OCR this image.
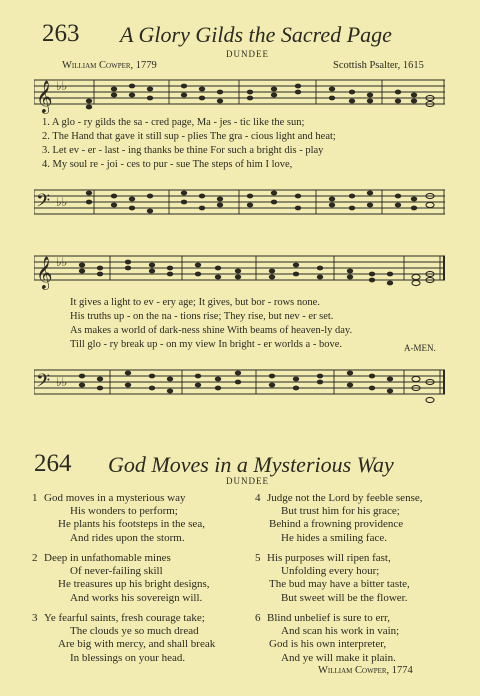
263 A Glory Gilds the Sacred Page
DUNDEE
William Cowper, 1779	Scottish Psalter, 1615
𝄞 ♭♭
1. A glo - ry gilds the sa - cred page, Ma - jes - tic like the sun;
2. The Hand that gave it still sup - plies The gra - cious light and heat;
3. Let ev - er - last - ing thanks be thine For such a bright dis - play
4. My soul re - joi - ces to pur - sue The steps of him I love,
𝄢 ♭♭
𝄞 ♭♭
It gives a light to ev - ery age; It gives, but bor - rows none.
His truths up - on the na - tions rise; They rise, but nev - er set.
As makes a world of dark-ness shine With beams of heaven-ly day.
Till glo - ry break up - on my view In bright - er worlds a - bove.	A-MEN.
𝄢 ♭♭
264 God Moves in a Mysterious Way
DUNDEE
1 God moves in a mysterious way
His wonders to perform;
He plants his footsteps in the sea,
And rides upon the storm.
2 Deep in unfathomable mines
Of never-failing skill
He treasures up his bright designs,
And works his sovereign will.
3 Ye fearful saints, fresh courage take;
The clouds ye so much dread
Are big with mercy, and shall break
In blessings on your head.
4 Judge not the Lord by feeble sense,
But trust him for his grace;
Behind a frowning providence
He hides a smiling face.
5 His purposes will ripen fast,
Unfolding every hour;
The bud may have a bitter taste,
But sweet will be the flower.
6 Blind unbelief is sure to err,
And scan his work in vain;
God is his own interpreter,
And ye will make it plain.
William Cowper, 1774
